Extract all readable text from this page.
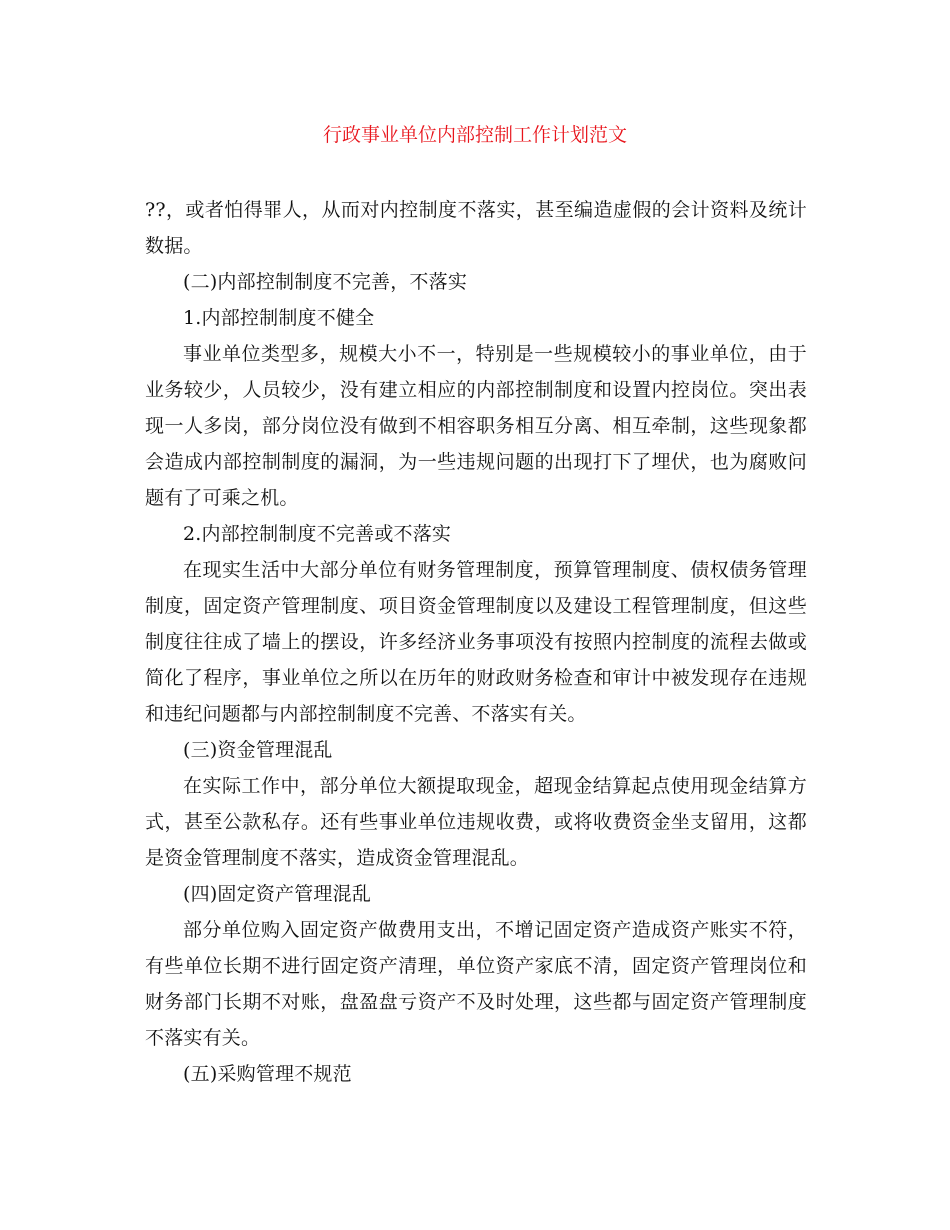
行政事业单位内部控制工作计划范文

??，或者怕得罪人，从而对内控制度不落实，甚至编造虚假的会计资料及统计数据。

(二)内部控制制度不完善，不落实

1.内部控制制度不健全

事业单位类型多，规模大小不一，特别是一些规模较小的事业单位，由于业务较少，人员较少，没有建立相应的内部控制制度和设置内控岗位。突出表现一人多岗，部分岗位没有做到不相容职务相互分离、相互牵制，这些现象都会造成内部控制制度的漏洞，为一些违规问题的出现打下了埋伏，也为腐败问题有了可乘之机。

2.内部控制制度不完善或不落实

在现实生活中大部分单位有财务管理制度，预算管理制度、债权债务管理制度，固定资产管理制度、项目资金管理制度以及建设工程管理制度，但这些制度往往成了墙上的摆设，许多经济业务事项没有按照内控制度的流程去做或简化了程序，事业单位之所以在历年的财政财务检查和审计中被发现存在违规和违纪问题都与内部控制制度不完善、不落实有关。

(三)资金管理混乱

在实际工作中，部分单位大额提取现金，超现金结算起点使用现金结算方式，甚至公款私存。还有些事业单位违规收费，或将收费资金坐支留用，这都是资金管理制度不落实，造成资金管理混乱。

(四)固定资产管理混乱

部分单位购入固定资产做费用支出，不增记固定资产造成资产账实不符，有些单位长期不进行固定资产清理，单位资产家底不清，固定资产管理岗位和财务部门长期不对账，盘盈盘亏资产不及时处理，这些都与固定资产管理制度不落实有关。

(五)采购管理不规范
